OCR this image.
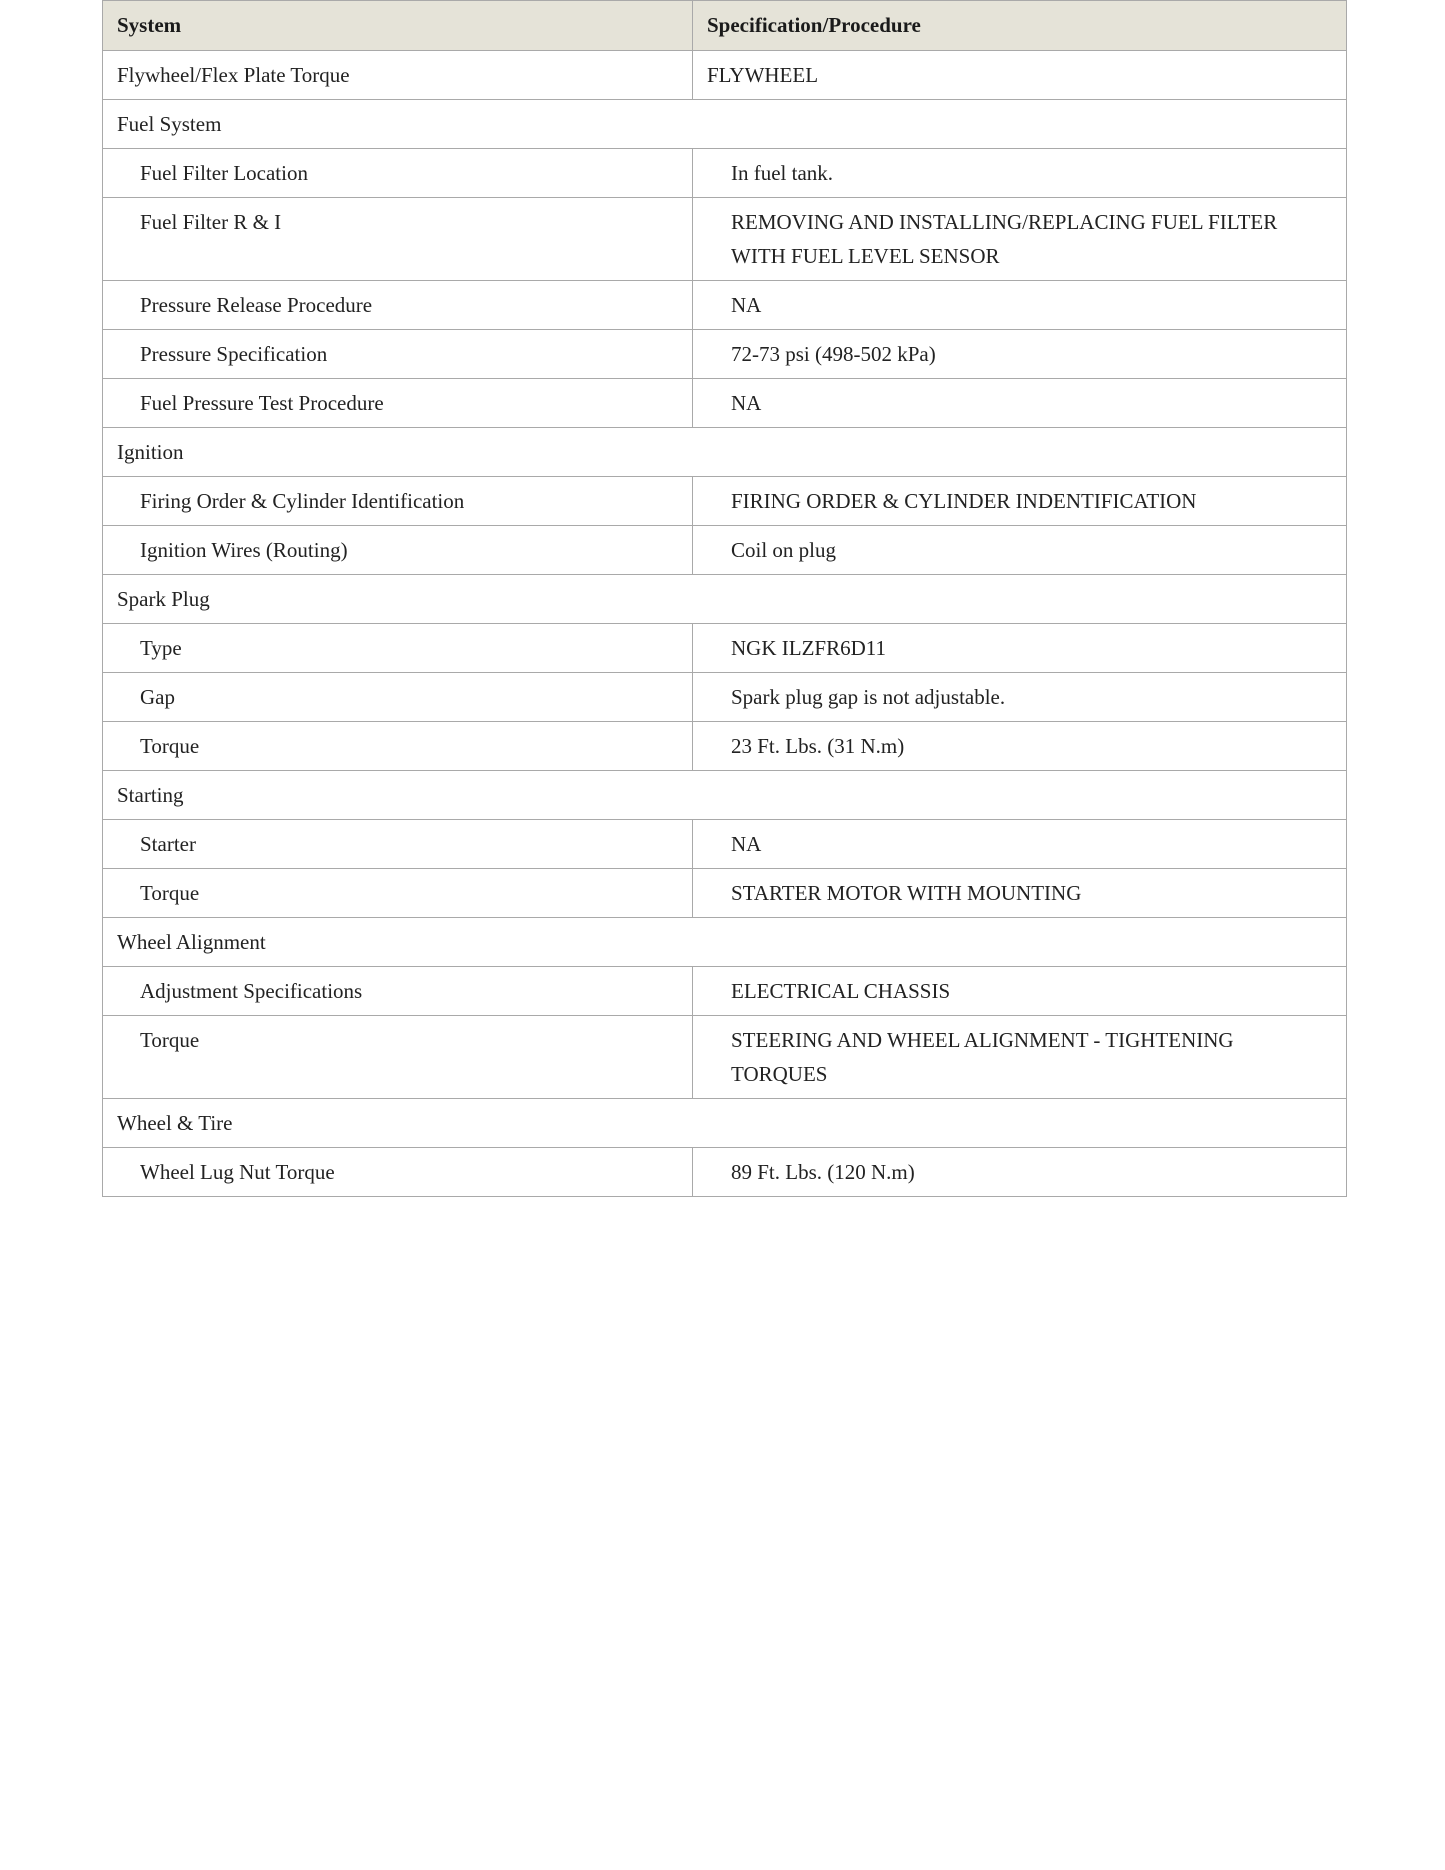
System	Specification/Procedure
Flywheel/Flex Plate Torque	FLYWHEEL
Fuel System	
Fuel Filter Location	In fuel tank.
Fuel Filter R & I	REMOVING AND INSTALLING/REPLACING FUEL FILTER WITH FUEL LEVEL SENSOR
Pressure Release Procedure	NA
Pressure Specification	72-73 psi (498-502 kPa)
Fuel Pressure Test Procedure	NA
Ignition	
Firing Order & Cylinder Identification	FIRING ORDER & CYLINDER INDENTIFICATION
Ignition Wires (Routing)	Coil on plug
Spark Plug	
Type	NGK ILZFR6D11
Gap	Spark plug gap is not adjustable.
Torque	23 Ft. Lbs. (31 N.m)
Starting	
Starter	NA
Torque	STARTER MOTOR WITH MOUNTING
Wheel Alignment	
Adjustment Specifications	ELECTRICAL CHASSIS
Torque	STEERING AND WHEEL ALIGNMENT - TIGHTENING TORQUES
Wheel & Tire	
Wheel Lug Nut Torque	89 Ft. Lbs. (120 N.m)
